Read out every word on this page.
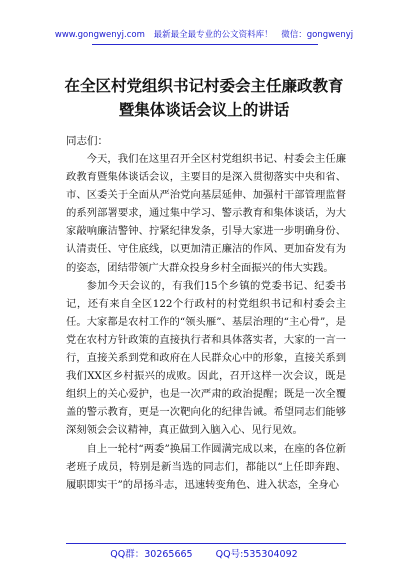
www.gongwenyj.com 最新最全最专业的公文资料库！ 微信：gongwenyj
在全区村党组织书记村委会主任廉政教育
暨集体谈话会议上的讲话
同志们：

今天，我们在这里召开全区村党组织书记、村委会主任廉政教育暨集体谈话会议，主要目的是深入贯彻落实中央和省、市、区委关于全面从严治党向基层延伸、加强村干部管理监督的系列部署要求，通过集中学习、警示教育和集体谈话，为大家敲响廉洁警钟、拧紧纪律发条，引导大家进一步明确身份、认清责任、守住底线，以更加清正廉洁的作风、更加奋发有为的姿态，团结带领广大群众投身乡村全面振兴的伟大实践。

参加今天会议的，有我们15个乡镇的党委书记、纪委书记，还有来自全区122个行政村的村党组织书记和村委会主任。大家都是农村工作的“领头雁”、基层治理的“主心骨”，是党在农村方针政策的直接执行者和具体落实者，大家的一言一行，直接关系到党和政府在人民群众心中的形象，直接关系到我们XX区乡村振兴的成败。因此，召开这样一次会议，既是组织上的关心爱护，也是一次严肃的政治提醒；既是一次全覆盖的警示教育，更是一次靶向化的纪律告诫。希望同志们能够深刻领会会议精神，真正做到入脑入心、见行见效。

自上一轮村“两委”换届工作圆满完成以来，在座的各位新老班子成员，特别是新当选的同志们，都能以“上任即奔跑、履职即实干”的昂扬斗志，迅速转变角色、进入状态，全身心

QQ群：30265665 QQ号:535304092
